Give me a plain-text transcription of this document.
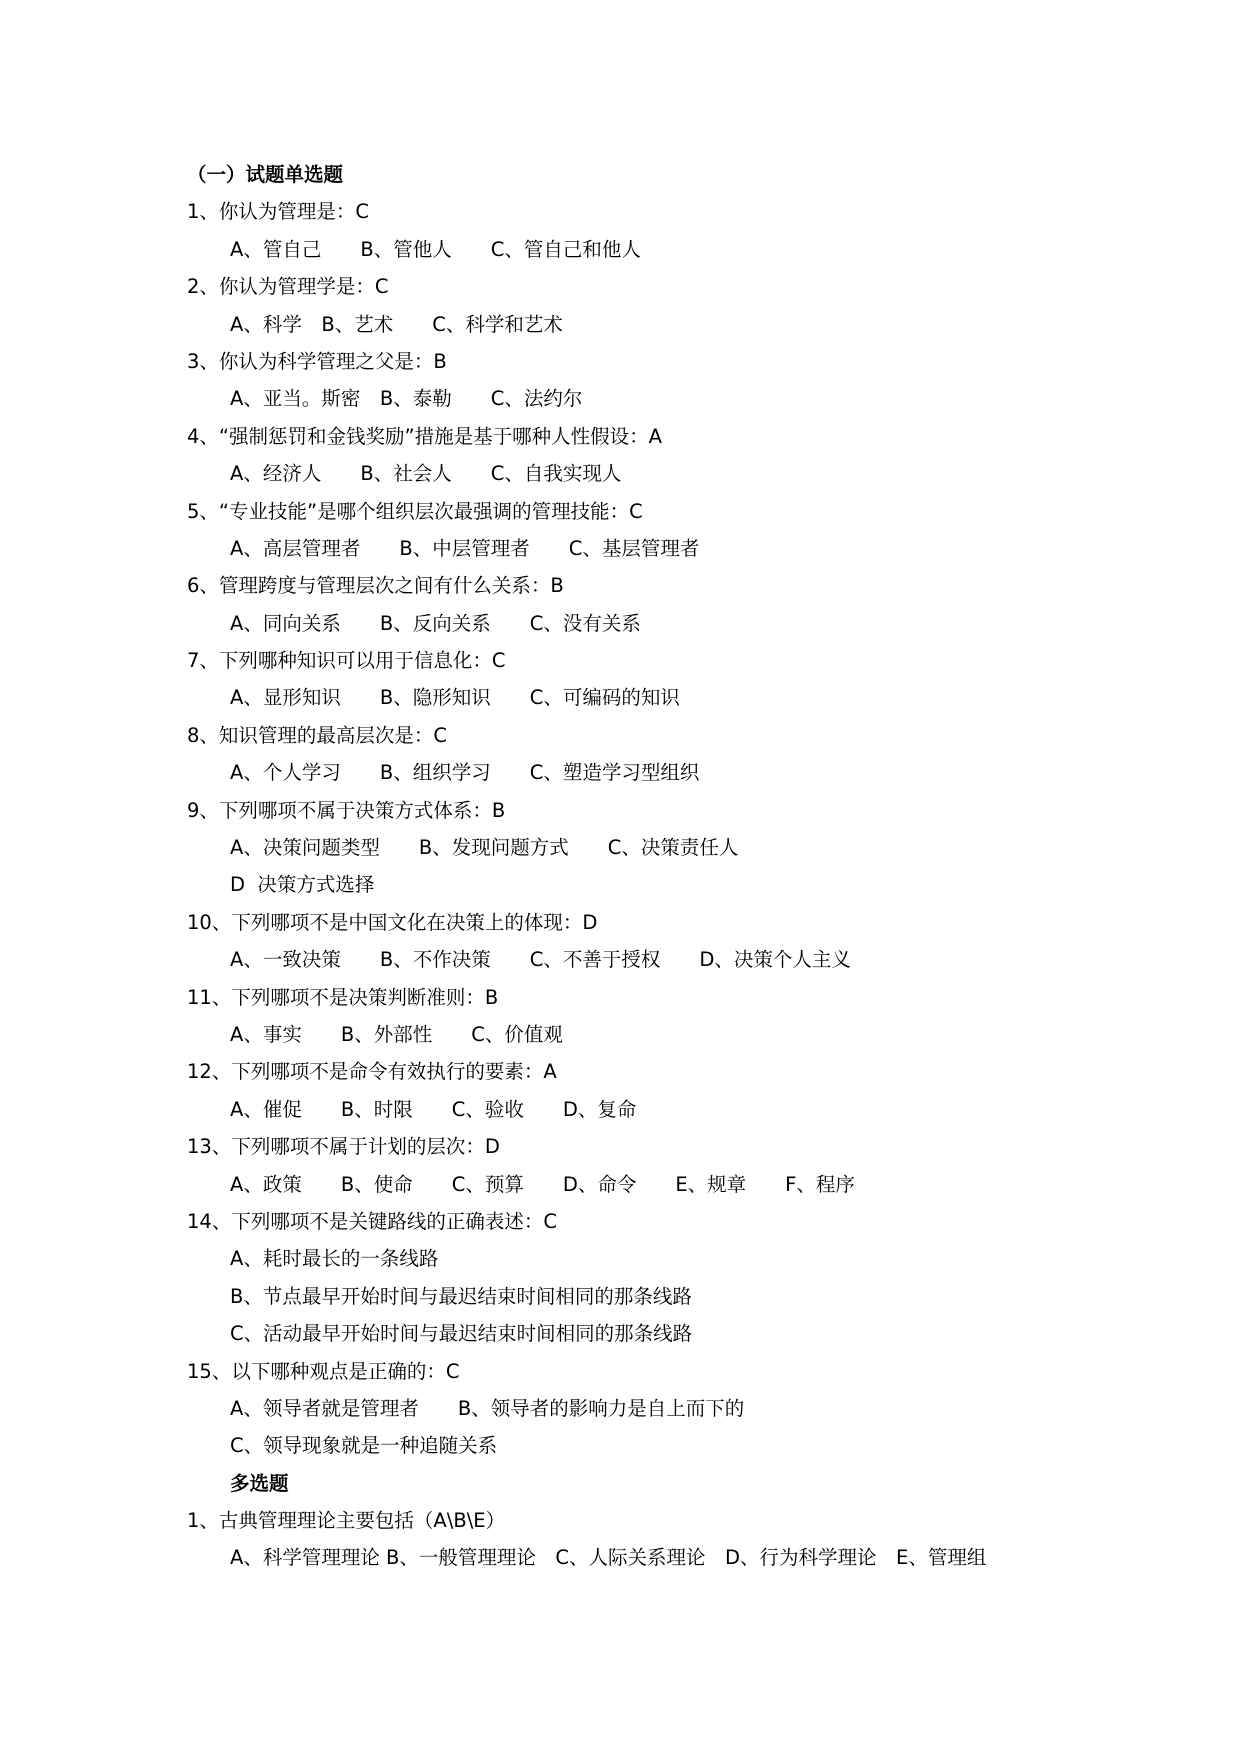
（一）试题单选题
1、你认为管理是：C
A、管自己　　B、管他人　　C、管自己和他人
2、你认为管理学是：C
A、科学　B、艺术　　C、科学和艺术
3、你认为科学管理之父是：B
A、亚当。斯密　B、泰勒　　C、法约尔
4、“强制惩罚和金钱奖励”措施是基于哪种人性假设：A
A、经济人　　B、社会人　　C、自我实现人
5、“专业技能”是哪个组织层次最强调的管理技能：C
A、高层管理者　　B、中层管理者　　C、基层管理者
6、管理跨度与管理层次之间有什么关系：B
A、同向关系　　B、反向关系　　C、没有关系
7、下列哪种知识可以用于信息化：C
A、显形知识　　B、隐形知识　　C、可编码的知识
8、知识管理的最高层次是：C
A、个人学习　　B、组织学习　　C、塑造学习型组织
9、下列哪项不属于决策方式体系：B
A、决策问题类型　　B、发现问题方式　　C、决策责任人
D  决策方式选择
10、下列哪项不是中国文化在决策上的体现：D
A、一致决策　　B、不作决策　　C、不善于授权　　D、决策个人主义
11、下列哪项不是决策判断准则：B
A、事实　　B、外部性　　C、价值观
12、下列哪项不是命令有效执行的要素：A
A、催促　　B、时限　　C、验收　　D、复命
13、下列哪项不属于计划的层次：D
A、政策　　B、使命　　C、预算　　D、命令　　E、规章　　F、程序
14、下列哪项不是关键路线的正确表述：C
A、耗时最长的一条线路
B、节点最早开始时间与最迟结束时间相同的那条线路
C、活动最早开始时间与最迟结束时间相同的那条线路
15、以下哪种观点是正确的：C
A、领导者就是管理者　　B、领导者的影响力是自上而下的
C、领导现象就是一种追随关系
多选题
1、古典管理理论主要包括（A\B\E）
A、科学管理理论 B、一般管理理论　C、人际关系理论　D、行为科学理论　E、管理组
